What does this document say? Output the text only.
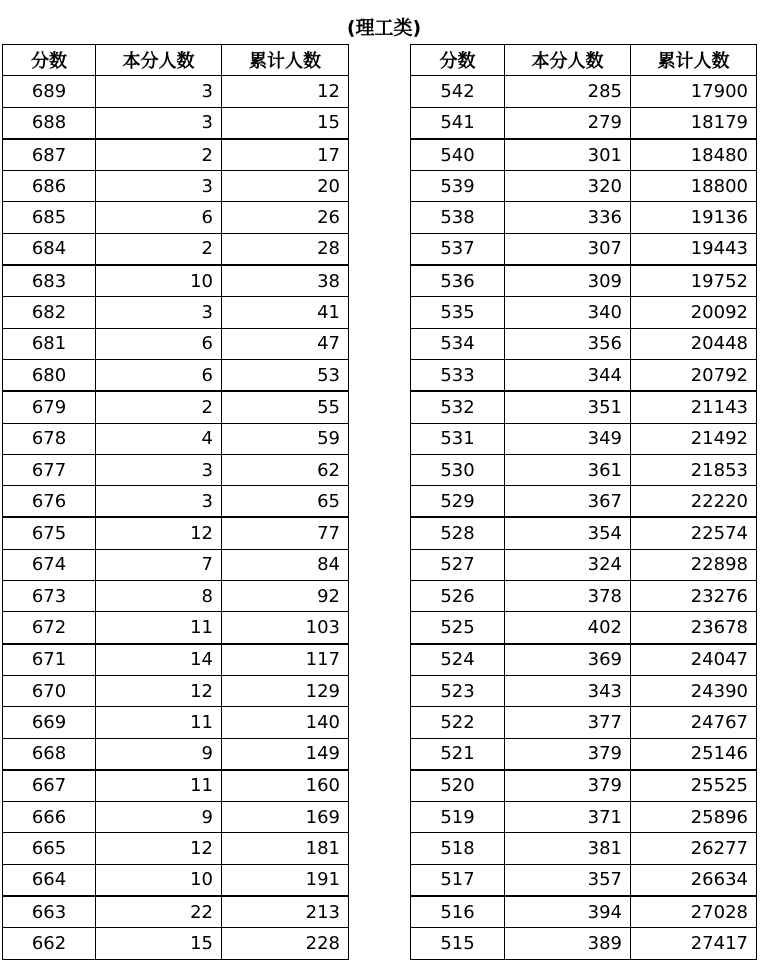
(理工类)
分数	本分人数	累计人数
689	3	12
688	3	15
687	2	17
686	3	20
685	6	26
684	2	28
683	10	38
682	3	41
681	6	47
680	6	53
679	2	55
678	4	59
677	3	62
676	3	65
675	12	77
674	7	84
673	8	92
672	11	103
671	14	117
670	12	129
669	11	140
668	9	149
667	11	160
666	9	169
665	12	181
664	10	191
663	22	213
662	15	228
分数	本分人数	累计人数
542	285	17900
541	279	18179
540	301	18480
539	320	18800
538	336	19136
537	307	19443
536	309	19752
535	340	20092
534	356	20448
533	344	20792
532	351	21143
531	349	21492
530	361	21853
529	367	22220
528	354	22574
527	324	22898
526	378	23276
525	402	23678
524	369	24047
523	343	24390
522	377	24767
521	379	25146
520	379	25525
519	371	25896
518	381	26277
517	357	26634
516	394	27028
515	389	27417
